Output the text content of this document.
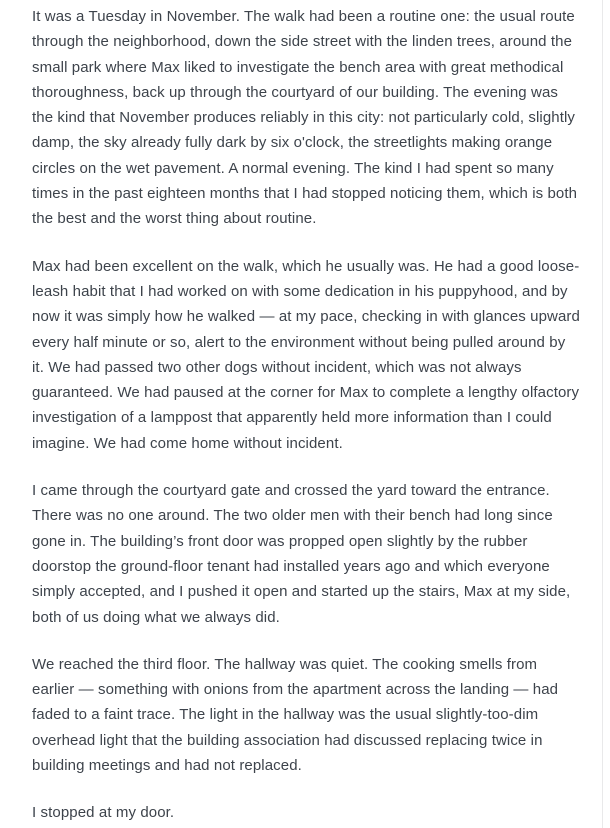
It was a Tuesday in November. The walk had been a routine one: the usual route through the neighborhood, down the side street with the linden trees, around the small park where Max liked to investigate the bench area with great methodical thoroughness, back up through the courtyard of our building. The evening was the kind that November produces reliably in this city: not particularly cold, slightly damp, the sky already fully dark by six o'clock, the streetlights making orange circles on the wet pavement. A normal evening. The kind I had spent so many times in the past eighteen months that I had stopped noticing them, which is both the best and the worst thing about routine.

Max had been excellent on the walk, which he usually was. He had a good loose-leash habit that I had worked on with some dedication in his puppyhood, and by now it was simply how he walked — at my pace, checking in with glances upward every half minute or so, alert to the environment without being pulled around by it. We had passed two other dogs without incident, which was not always guaranteed. We had paused at the corner for Max to complete a lengthy olfactory investigation of a lamppost that apparently held more information than I could imagine. We had come home without incident.

I came through the courtyard gate and crossed the yard toward the entrance. There was no one around. The two older men with their bench had long since gone in. The building’s front door was propped open slightly by the rubber doorstop the ground-floor tenant had installed years ago and which everyone simply accepted, and I pushed it open and started up the stairs, Max at my side, both of us doing what we always did.

We reached the third floor. The hallway was quiet. The cooking smells from earlier — something with onions from the apartment across the landing — had faded to a faint trace. The light in the hallway was the usual slightly-too-dim overhead light that the building association had discussed replacing twice in building meetings and had not replaced.

I stopped at my door.
